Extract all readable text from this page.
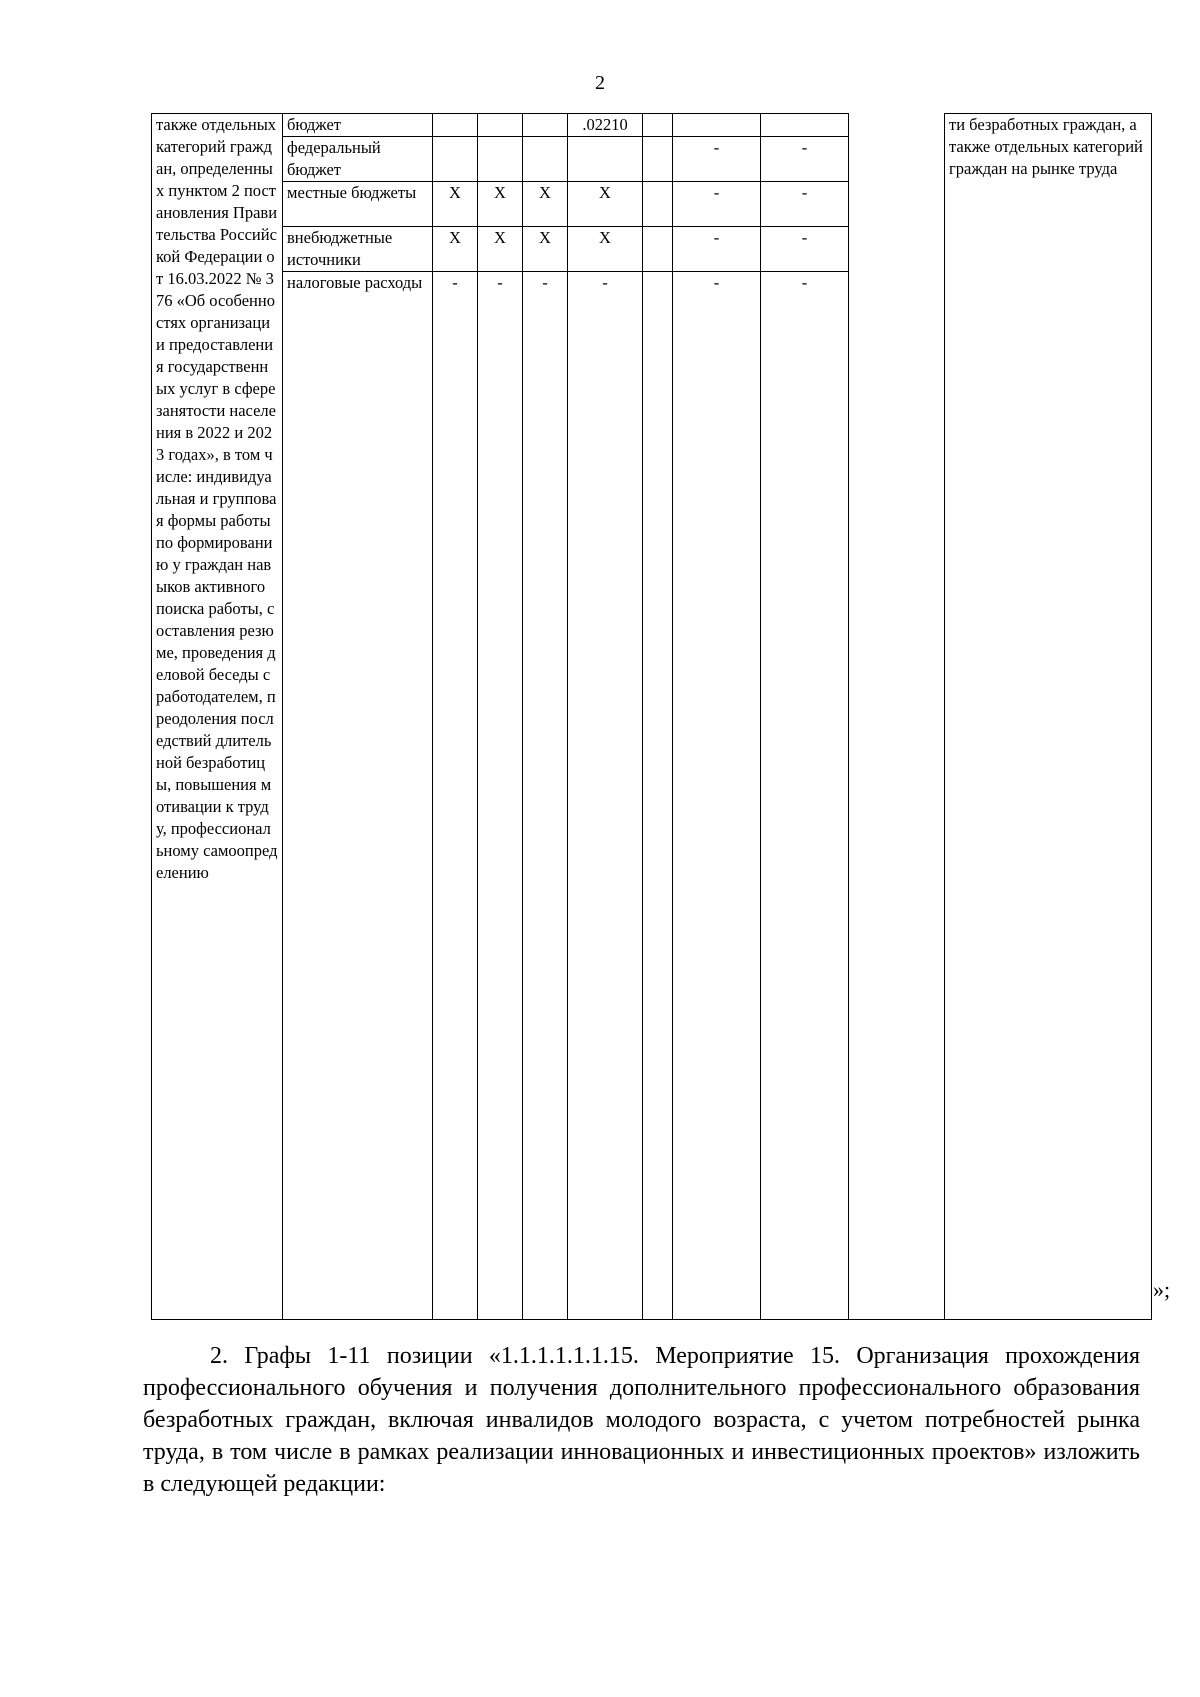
2
также отдельных категорий граждан, определенных пунктом 2 постановления Правительства Российской Федерации от 16.03.2022 № 376 «Об особенностях организации предоставления государственных услуг в сфере занятости населения в 2022 и 2023 годах», в том числе: индивидуальная и групповая формы работы по формированию у граждан навыков активного поиска работы, составления резюме, проведения деловой беседы с работодателем, преодоления последствий длительной безработицы, повышения мотивации к труду, профессиональному самоопределению	бюджет				.02210					ти безработных граждан, а также отдельных категорий граждан на рынке труда
	федеральный бюджет						-	-		
	местные бюджеты	X	X	X	X		-	-		
	внебюджетные источники	X	X	X	X		-	-		
	налоговые расходы	-	-	-	-		-	-		
»;
2. Графы 1-11 позиции «1.1.1.1.1.1.15. Мероприятие 15. Организация прохождения профессионального обучения и получения дополнительного профессионального образования безработных граждан, включая инвалидов молодого возраста, с учетом потребностей рынка труда, в том числе в рамках реализации инновационных и инвестиционных проектов» изложить в следующей редакции:
